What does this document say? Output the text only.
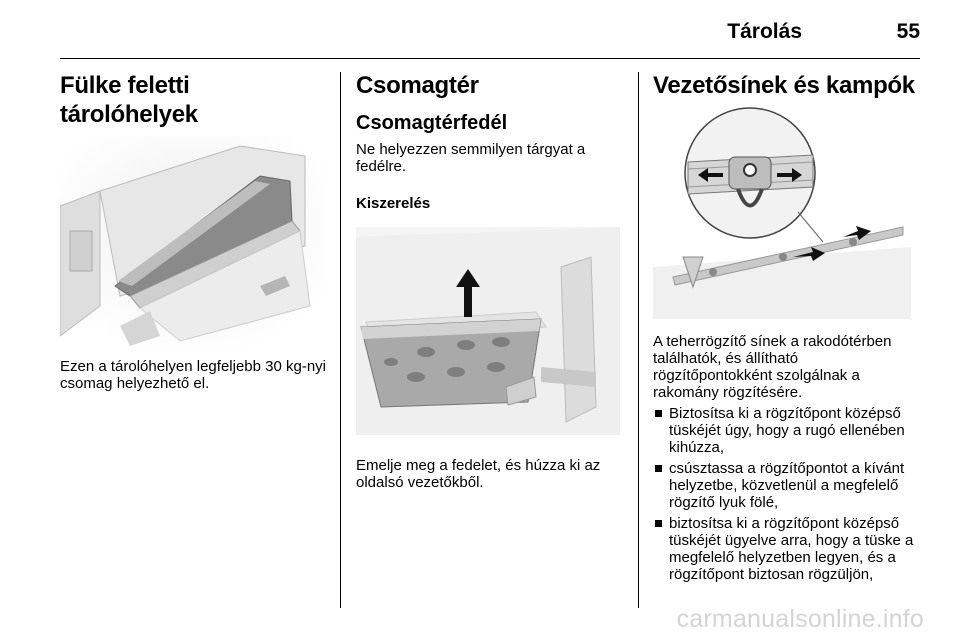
Tárolás	55
Fülke feletti tárolóhelyek

Ezen a tárolóhelyen legfeljebb 30 kg-nyi csomag helyezhető el.

Csomagtér
Csomagtérfedél

Ne helyezzen semmilyen tárgyat a fedélre.

Kiszerelés

Emelje meg a fedelet, és húzza ki az oldalsó vezetőkből.

Vezetősínek és kampók

A teherrögzítő sínek a rakodótérben találhatók, és állítható rögzítőpontokként szolgálnak a rakomány rögzítésére.

Biztosítsa ki a rögzítőpont középső tüskéjét úgy, hogy a rugó ellenében kihúzza,
csúsztassa a rögzítőpontot a kívánt helyzetbe, közvetlenül a megfelelő rögzítő lyuk fölé,
biztosítsa ki a rögzítőpont középső tüskéjét ügyelve arra, hogy a tüske a megfelelő helyzetben legyen, és a rögzítőpont biztosan rögzüljön,
carmanualsonline.info
